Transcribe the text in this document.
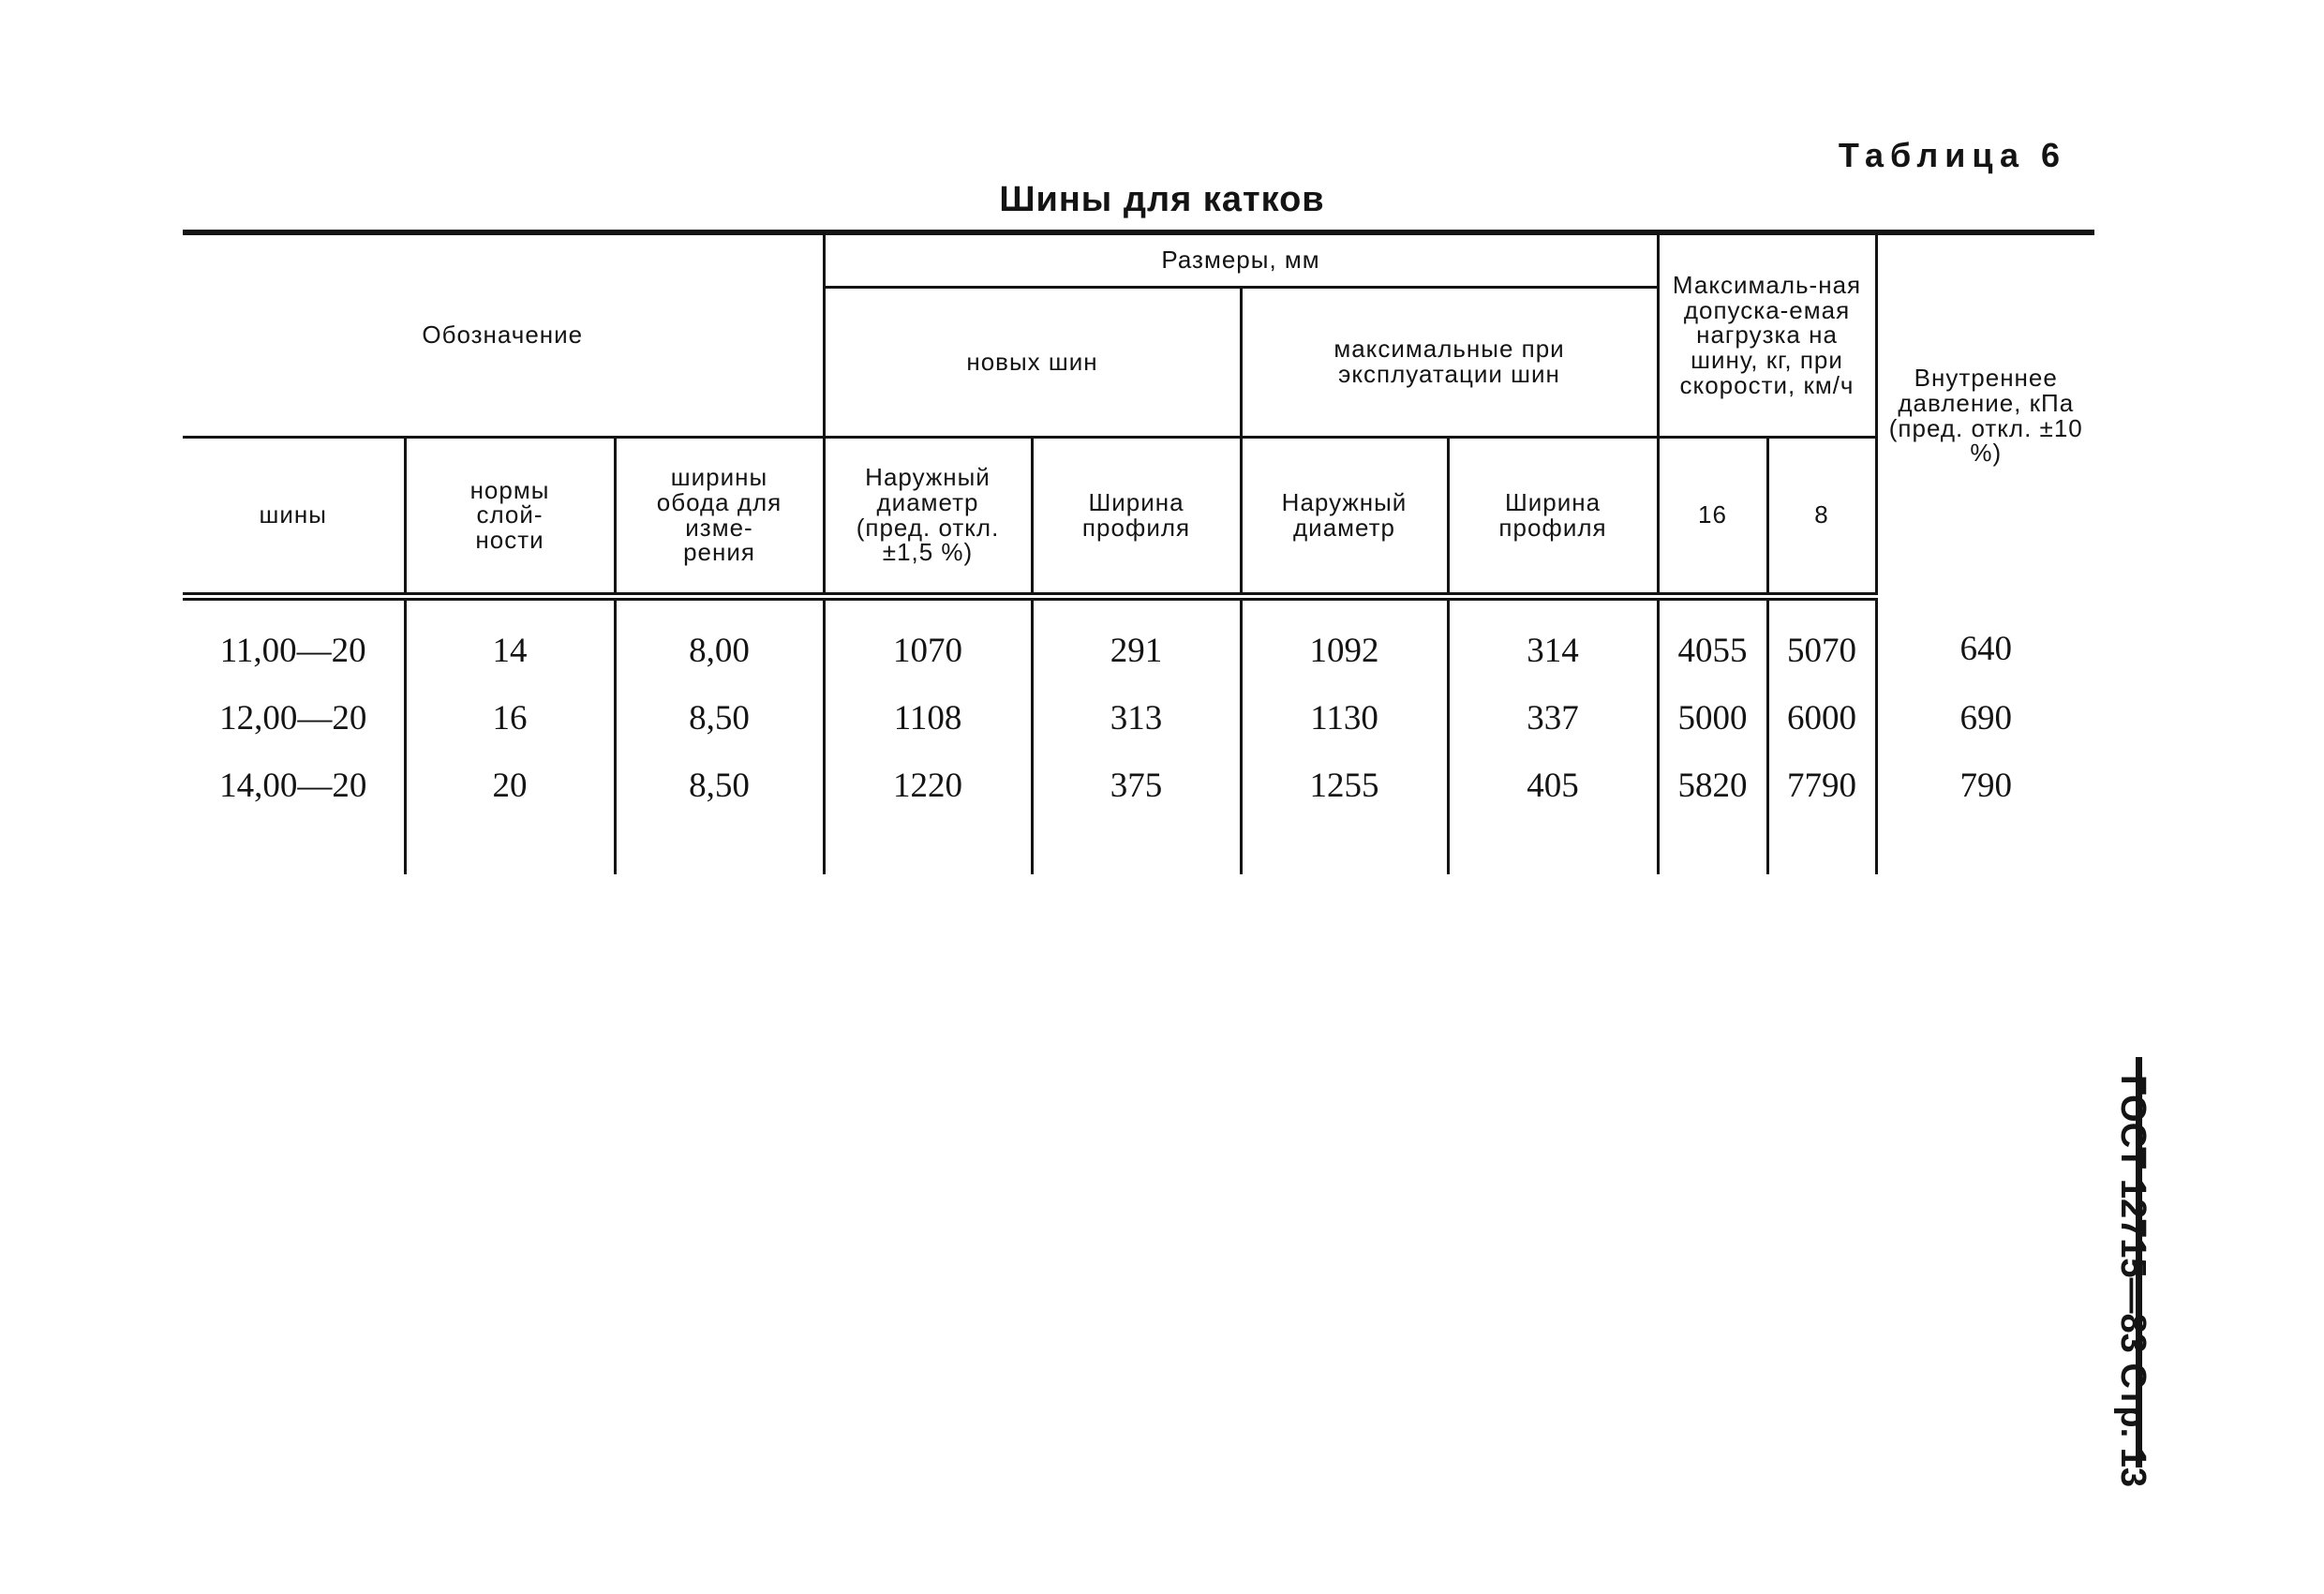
Таблица 6
Шины для катков
Обозначение			Размеры, мм				Максималь-ная допуска-емая нагрузка на шину, кг, при скорости, км/ч		Внутреннее давление, кПа (пред. откл. ±10 %)
			новых шин		максимальные при эксплуатации шин				
шины	нормы слой-ности	ширины обода для изме-рения	Наружный диаметр (пред. откл. ±1,5 %)	Ширина профиля	Наружный диаметр	Ширина профиля	16	8	
11,00—20	14	8,00	1070	291	1092	314	4055	5070	640
12,00—20	16	8,50	1108	313	1130	337	5000	6000	690
14,00—20	20	8,50	1220	375	1255	405	5820	7790	790

ГОСТ 12715—83 Стр. 13
